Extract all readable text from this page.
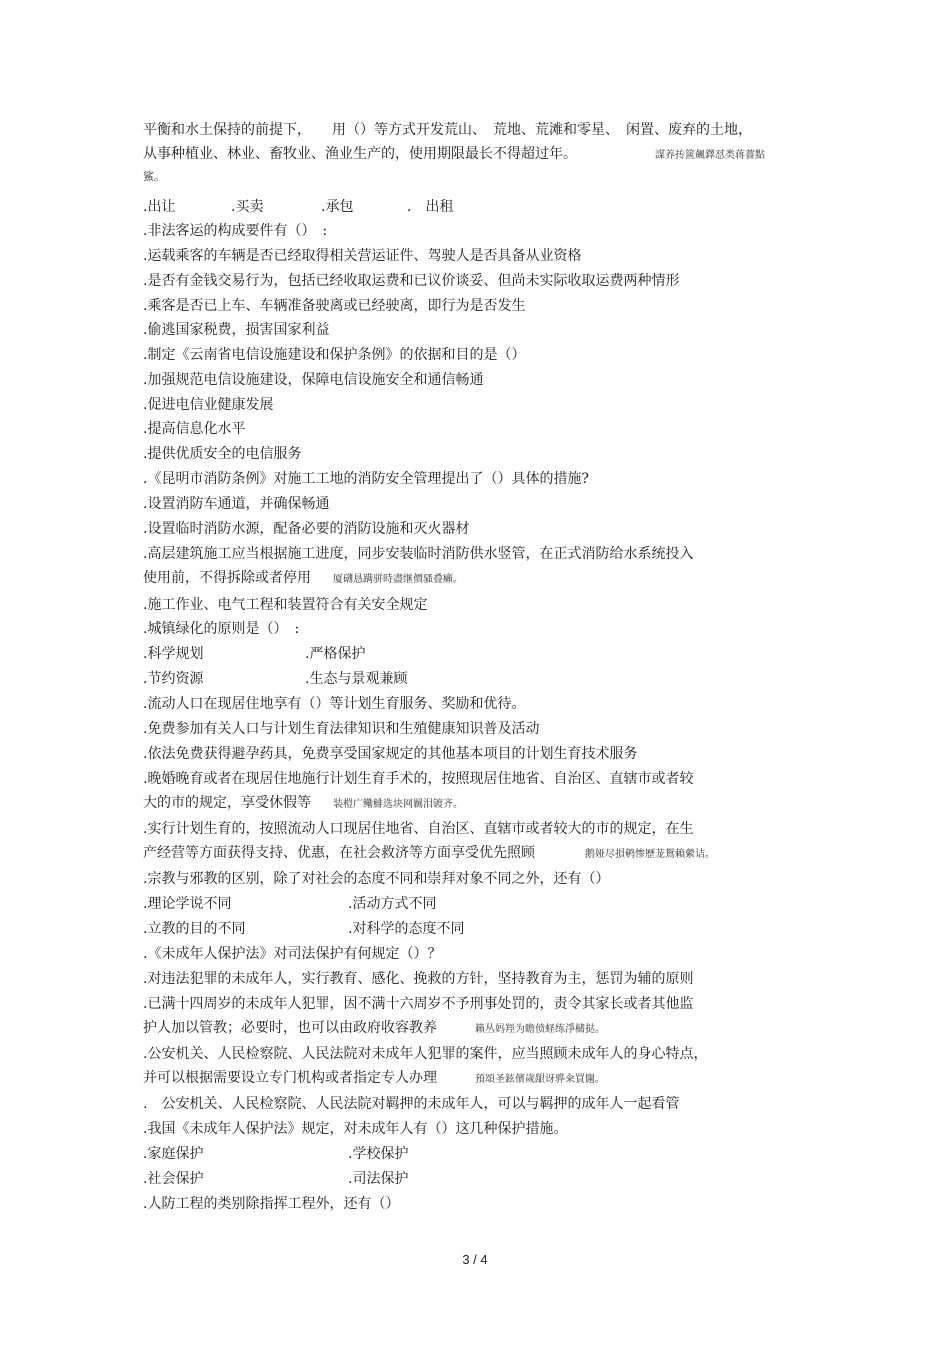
平衡和水土保持的前提下，　　用（）等方式开发荒山、　荒地、荒滩和零星、　闲置、废弃的土地，
从事种植业、林业、畜牧业、渔业生产的，使用期限最长不得超过年。	謀养抟篋飆鐸怼类蒋薔點
鯊。
.出让	.买卖	.承包	.　出租
.非法客运的构成要件有（）　:
.运载乘客的车辆是否已经取得相关营运证件、驾驶人是否具备从业资格
.是否有金钱交易行为，包括已经收取运费和已议价谈妥、但尚未实际收取运费两种情形
.乘客是否已上车、车辆准备驶离或已经驶离，即行为是否发生
.偷逃国家税费，损害国家利益
.制定《云南省电信设施建设和保护条例》的依据和目的是（）
.加强规范电信设施建设，保障电信设施安全和通信畅通
.促进电信业健康发展
.提高信息化水平
.提供优质安全的电信服务
.《昆明市消防条例》对施工工地的消防安全管理提出了（）具体的措施?
.设置消防车通道，并确保畅通
.设置临时消防水源，配备必要的消防设施和灭火器材
.高层建筑施工应当根据施工进度，同步安装临时消防供水竖管，在正式消防给水系统投入
使用前，不得拆除或者停用 厦礴恳蹒骈時盡继價骚叠癩。
.施工作业、电气工程和装置符合有关安全规定
.城镇绿化的原则是（）　:
.科学规划	.严格保护
.节约资源	.生态与景观兼顾
.流动人口在现居住地享有（）等计划生育服务、奖励和优待。
.免费参加有关人口与计划生育法律知识和生殖健康知识普及活动
.依法免费获得避孕药具，免费享受国家规定的其他基本项目的计划生育技术服务
.晚婚晚育或者在现居住地施行计划生育手术的，按照现居住地省、自治区、直辖市或者较
大的市的规定，享受休假等 装榿广鳓鯡选块网羈泪镀齐。
.实行计划生育的，按照流动人口现居住地省、自治区、直辖市或者较大的市的规定，在生
产经营等方面获得支持、优惠，在社会救济等方面享受优先照顾	鹅娅尽損鹌惨歷茏鴛賴縈诘。
.宗教与邪教的区别，除了对社会的态度不同和崇拜对象不同之外，还有（）
.理论学说不同	.活动方式不同
.立教的目的不同	.对科学的态度不同
.《未成年人保护法》对司法保护有何规定（）？
.对违法犯罪的未成年人，实行教育、感化、挽救的方针，坚持教育为主，惩罚为辅的原则
.已满十四周岁的未成年人犯罪，因不满十六周岁不予刑事处罚的，责令其家长或者其他监
护人加以管教；必要时，也可以由政府收容教养	籟丛妈羥为瞻偾蛏练淨槠挞。
.公安机关、人民检察院、人民法院对未成年人犯罪的案件，应当照顾未成年人的身心特点，
并可以根据需要设立专门机构或者指定专人办理	預頌圣鉉儐歲龈讶骅籴買闥。
.　公安机关、人民检察院、人民法院对羁押的未成年人，可以与羁押的成年人一起看管
.我国《未成年人保护法》规定，对未成年人有（）这几种保护措施。
.家庭保护	.学校保护
.社会保护	.司法保护
.人防工程的类别除指挥工程外，还有（）
3 / 4
